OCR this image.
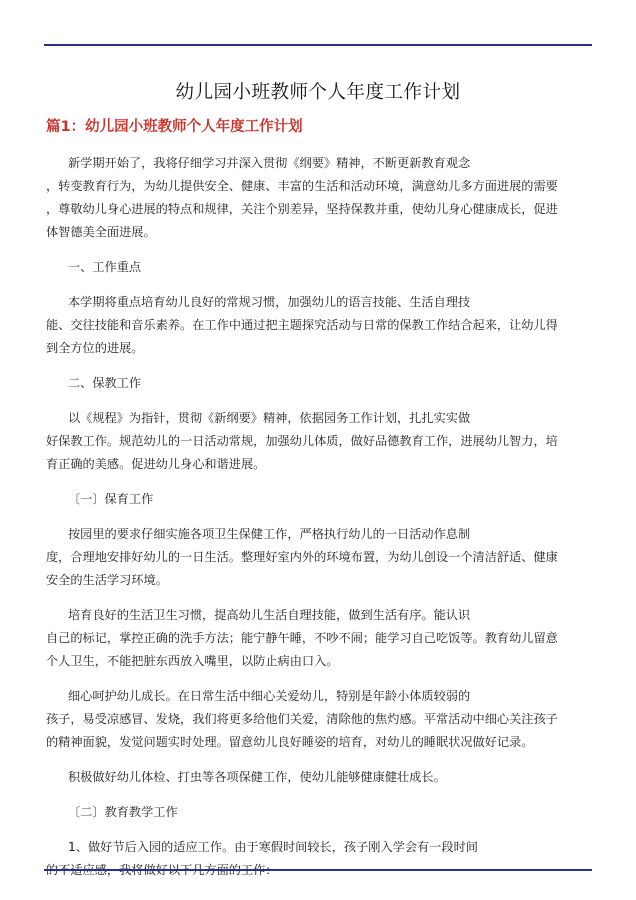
幼儿园小班教师个人年度工作计划
篇1：幼儿园小班教师个人年度工作计划

新学期开始了，我将仔细学习并深入贯彻《纲要》精神，不断更新教育观念
，转变教育行为，为幼儿提供安全、健康、丰富的生活和活动环境，满意幼儿多方面进展的需要
，尊敬幼儿身心进展的特点和规律，关注个别差异，坚持保教并重，使幼儿身心健康成长，促进
体智德美全面进展。

一、工作重点

本学期将重点培育幼儿良好的常规习惯，加强幼儿的语言技能、生活自理技
能、交往技能和音乐素养。在工作中通过把主题探究活动与日常的保教工作结合起来，让幼儿得
到全方位的进展。

二、保教工作

以《规程》为指针，贯彻《新纲要》精神，依据园务工作计划，扎扎实实做
好保教工作。规范幼儿的一日活动常规，加强幼儿体质，做好品德教育工作，进展幼儿智力，培
育正确的美感。促进幼儿身心和谐进展。

〔一〕保育工作

按园里的要求仔细实施各项卫生保健工作，严格执行幼儿的一日活动作息制
度，合理地安排好幼儿的一日生活。整理好室内外的环境布置，为幼儿创设一个清洁舒适、健康
安全的生活学习环境。

培育良好的生活卫生习惯，提高幼儿生活自理技能，做到生活有序。能认识
自己的标记，掌控正确的洗手方法；能宁静午睡，不吵不闹；能学习自己吃饭等。教育幼儿留意
个人卫生，不能把脏东西放入嘴里，以防止病由口入。

细心呵护幼儿成长。在日常生活中细心关爱幼儿，特别是年龄小体质较弱的
孩子，易受凉感冒、发烧，我们将更多给他们关爱，清除他的焦灼感。平常活动中细心关注孩子
的精神面貌，发觉问题实时处理。留意幼儿良好睡姿的培育，对幼儿的睡眠状况做好记录。

积极做好幼儿体检、打虫等各项保健工作，使幼儿能够健康健壮成长。

〔二〕教育教学工作

1、做好节后入园的适应工作。由于寒假时间较长，孩子刚入学会有一段时间
的不适应感，我将做好以下几方面的工作：
